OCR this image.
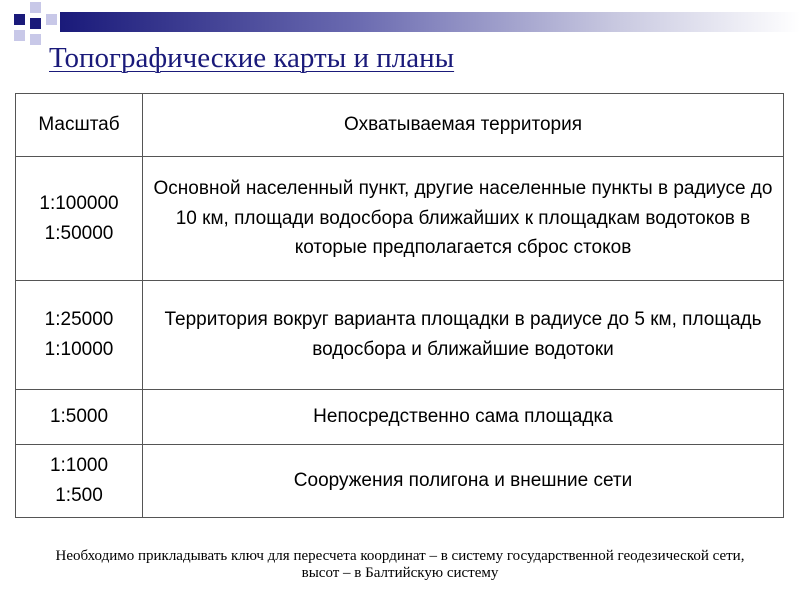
Топографические карты и планы
Масштаб	Охватываемая территория

1:100000
1:50000	Основной населенный пункт, другие населенные пункты в радиусе до 10 км, площади водосбора ближайших к площадкам водотоков в которые предполагается сброс стоков

1:25000
1:10000	Территория вокруг варианта площадки в радиусе до 5 км, площадь водосбора и ближайшие водотоки

1:5000	Непосредственно сама площадка

1:1000
1:500	Сооружения полигона и внешние сети
Необходимо прикладывать ключ для пересчета координат – в систему государственной геодезической сети, высот – в Балтийскую систему
